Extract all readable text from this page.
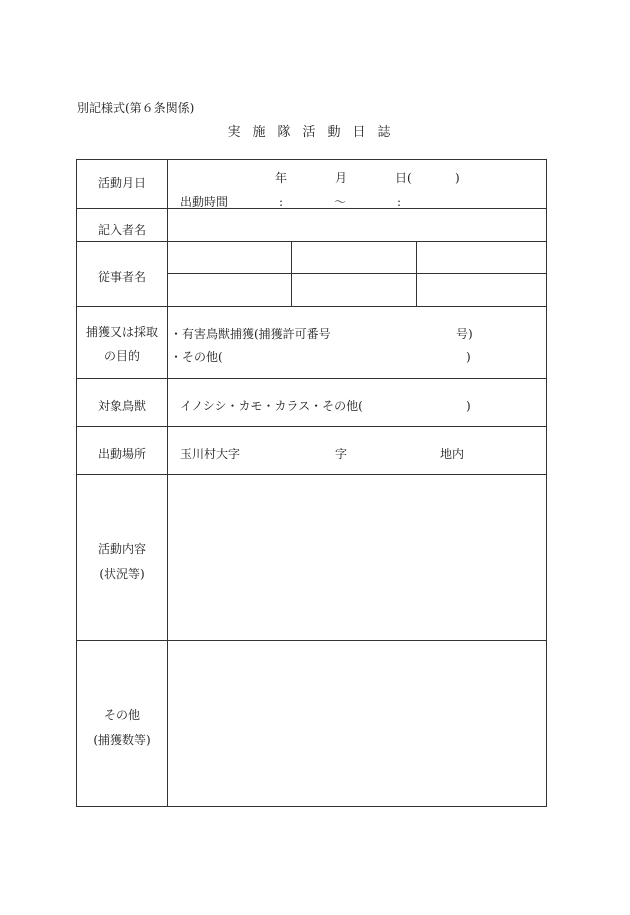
別記様式(第６条関係)
実施隊活動日誌
活動月日	年	月	日(	)
出動時間	:	〜	:
記入者名
従事者名
捕獲又は採取
の目的
・有害鳥獣捕獲(捕獲許可番号	号)
・その他(	)
対象鳥獣	イノシシ・カモ・カラス・その他(	)
出動場所	玉川村大字	字	地内
活動内容
(状況等)
その他
(捕獲数等)
